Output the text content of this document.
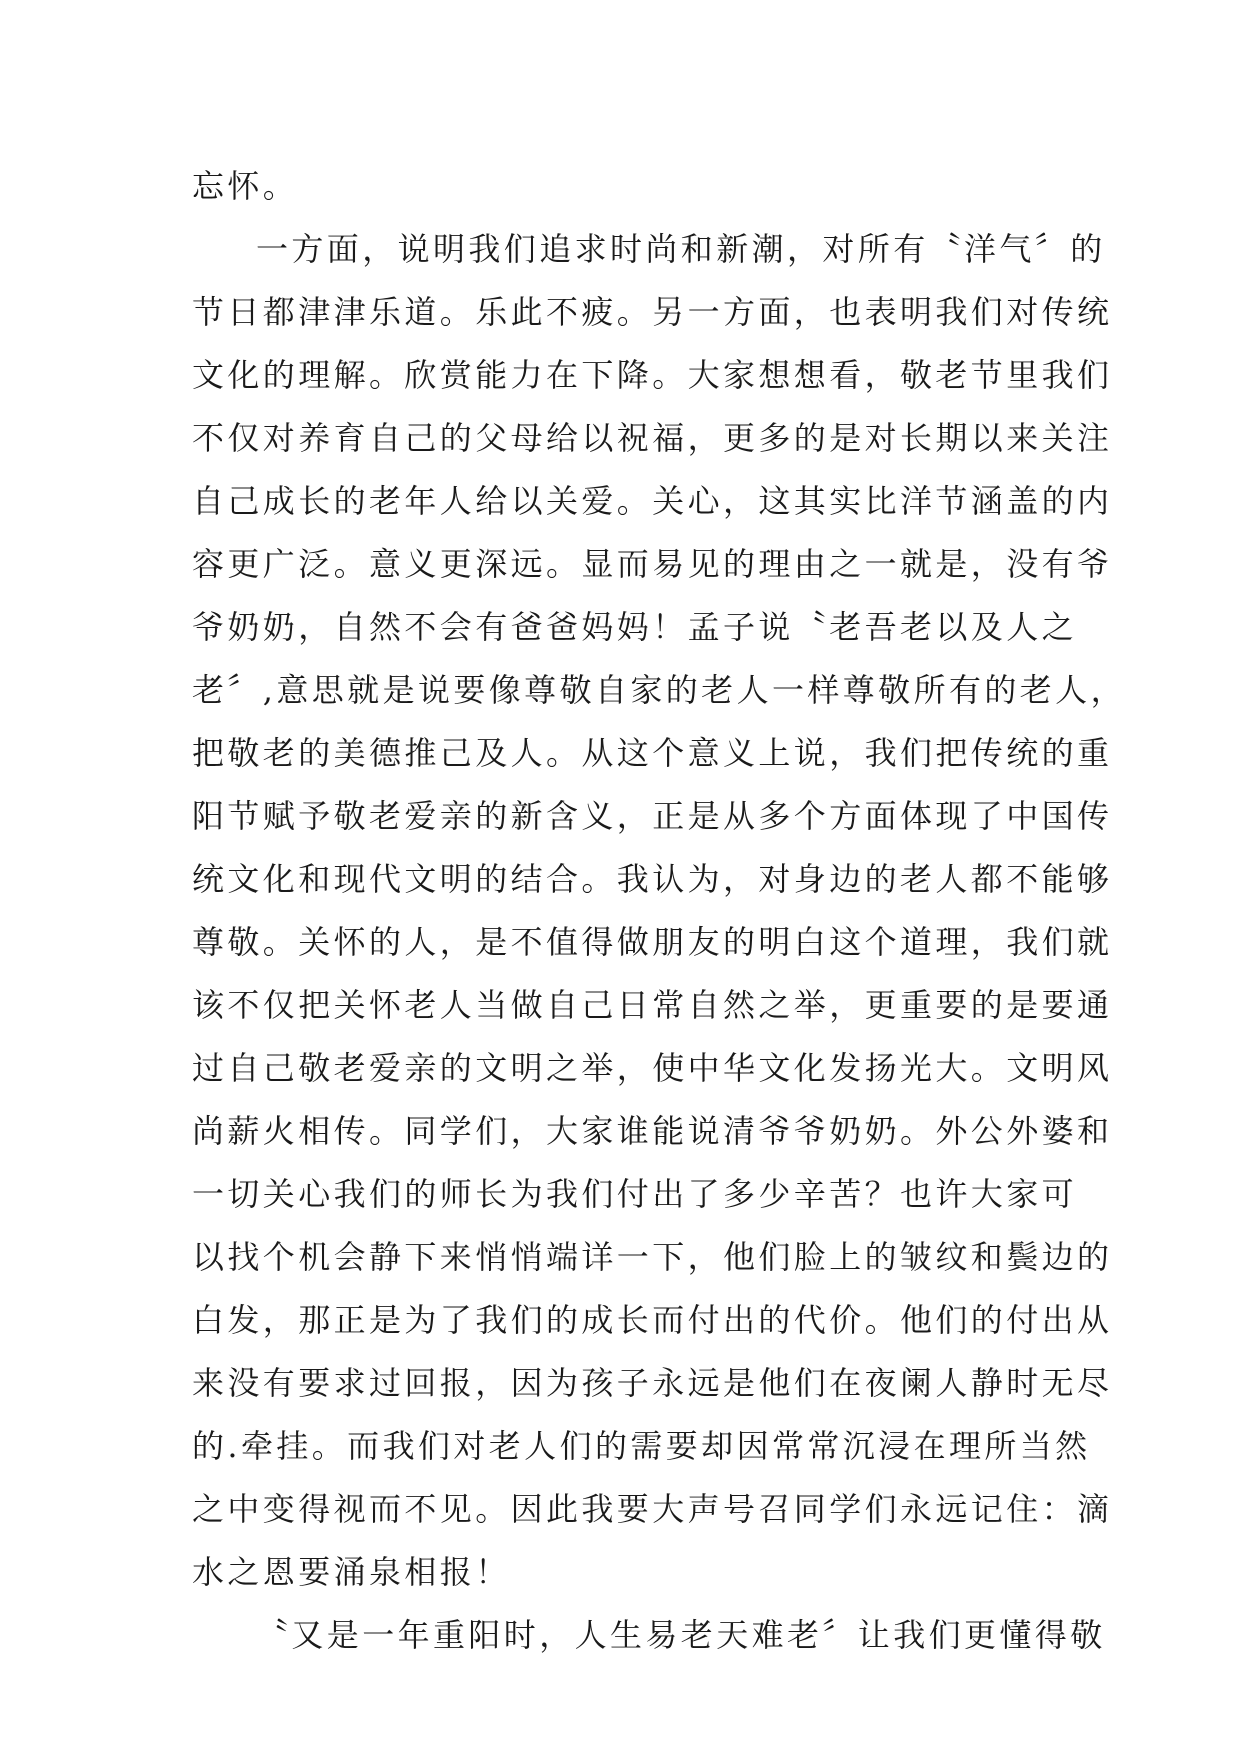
忘怀。
一方面，说明我们追求时尚和新潮，对所有〝洋气〞的
节日都津津乐道。乐此不疲。另一方面，也表明我们对传统
文化的理解。欣赏能力在下降。大家想想看，敬老节里我们
不仅对养育自己的父母给以祝福，更多的是对长期以来关注
自己成长的老年人给以关爱。关心，这其实比洋节涵盖的内
容更广泛。意义更深远。显而易见的理由之一就是，没有爷
爷奶奶，自然不会有爸爸妈妈！孟子说〝老吾老以及人之
老〞,意思就是说要像尊敬自家的老人一样尊敬所有的老人，
把敬老的美德推己及人。从这个意义上说，我们把传统的重
阳节赋予敬老爱亲的新含义，正是从多个方面体现了中国传
统文化和现代文明的结合。我认为，对身边的老人都不能够
尊敬。关怀的人，是不值得做朋友的明白这个道理，我们就
该不仅把关怀老人当做自己日常自然之举，更重要的是要通
过自己敬老爱亲的文明之举，使中华文化发扬光大。文明风
尚薪火相传。同学们，大家谁能说清爷爷奶奶。外公外婆和
一切关心我们的师长为我们付出了多少辛苦？也许大家可
以找个机会静下来悄悄端详一下，他们脸上的皱纹和鬓边的
白发，那正是为了我们的成长而付出的代价。他们的付出从
来没有要求过回报，因为孩子永远是他们在夜阑人静时无尽
的.牵挂。而我们对老人们的需要却因常常沉浸在理所当然
之中变得视而不见。因此我要大声号召同学们永远记住：滴
水之恩要涌泉相报！
〝又是一年重阳时，人生易老天难老〞让我们更懂得敬
